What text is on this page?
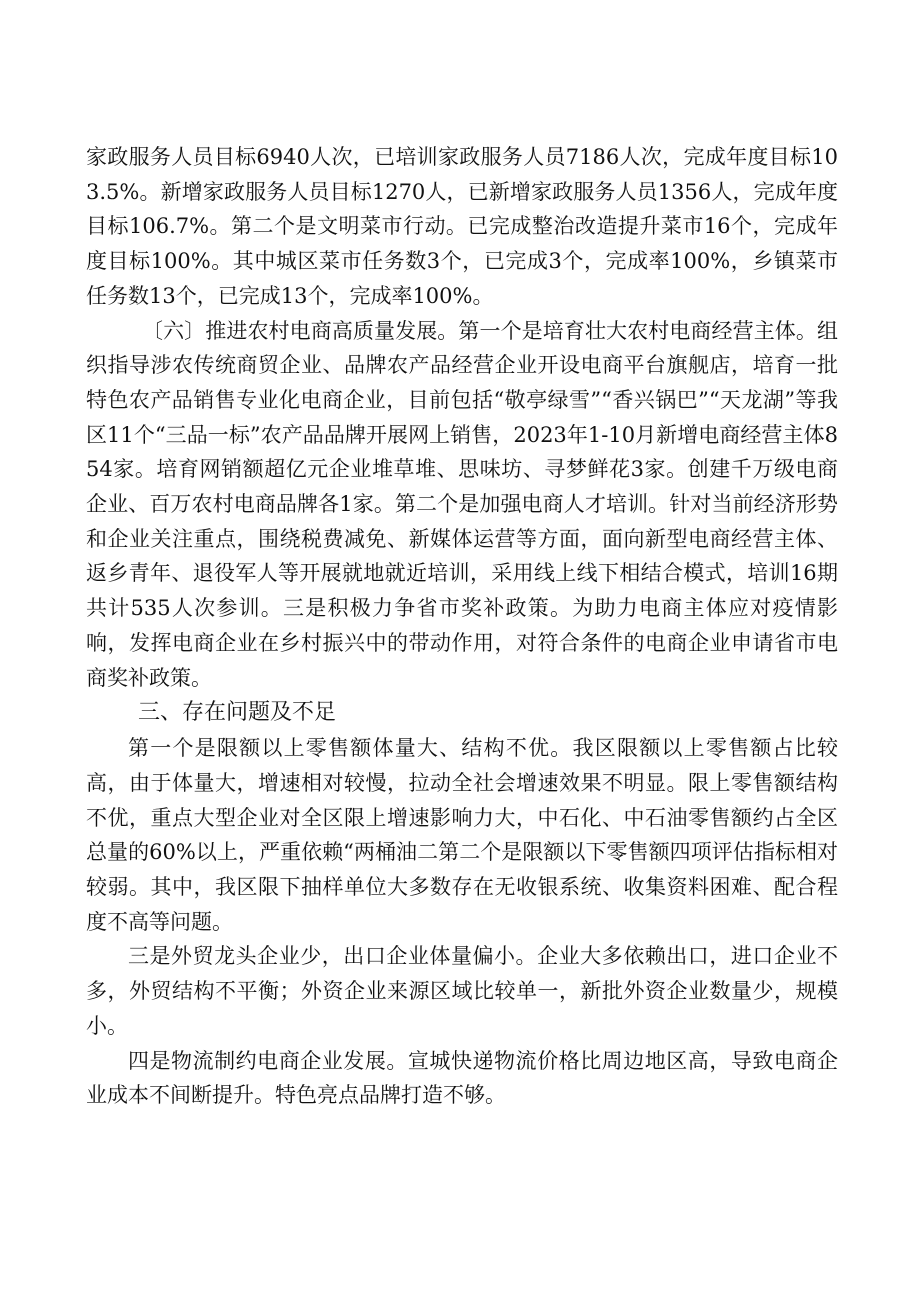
家政服务人员目标6940人次，已培训家政服务人员7186人次，完成年度目标103.5%。新增家政服务人员目标1270人，已新增家政服务人员1356人，完成年度目标106.7%。第二个是文明菜市行动。已完成整治改造提升菜市16个，完成年度目标100%。其中城区菜市任务数3个，已完成3个，完成率100%，乡镇菜市任务数13个，已完成13个，完成率100%。

〔六〕推进农村电商高质量发展。第一个是培育壮大农村电商经营主体。组织指导涉农传统商贸企业、品牌农产品经营企业开设电商平台旗舰店，培育一批特色农产品销售专业化电商企业，目前包括“敬亭绿雪”“香兴锅巴”“天龙湖”等我区11个“三品一标”农产品品牌开展网上销售，2023年1-10月新增电商经营主体854家。培育网销额超亿元企业堆草堆、思味坊、寻梦鲜花3家。创建千万级电商企业、百万农村电商品牌各1家。第二个是加强电商人才培训。针对当前经济形势和企业关注重点，围绕税费减免、新媒体运营等方面，面向新型电商经营主体、返乡青年、退役军人等开展就地就近培训，采用线上线下相结合模式，培训16期共计535人次参训。三是积极力争省市奖补政策。为助力电商主体应对疫情影响，发挥电商企业在乡村振兴中的带动作用，对符合条件的电商企业申请省市电商奖补政策。

三、存在问题及不足

第一个是限额以上零售额体量大、结构不优。我区限额以上零售额占比较高，由于体量大，增速相对较慢，拉动全社会增速效果不明显。限上零售额结构不优，重点大型企业对全区限上增速影响力大，中石化、中石油零售额约占全区总量的60%以上，严重依赖“两桶油二第二个是限额以下零售额四项评估指标相对较弱。其中，我区限下抽样单位大多数存在无收银系统、收集资料困难、配合程度不高等问题。

三是外贸龙头企业少，出口企业体量偏小。企业大多依赖出口，进口企业不多，外贸结构不平衡；外资企业来源区域比较单一，新批外资企业数量少，规模小。

四是物流制约电商企业发展。宣城快递物流价格比周边地区高，导致电商企业成本不间断提升。特色亮点品牌打造不够。
